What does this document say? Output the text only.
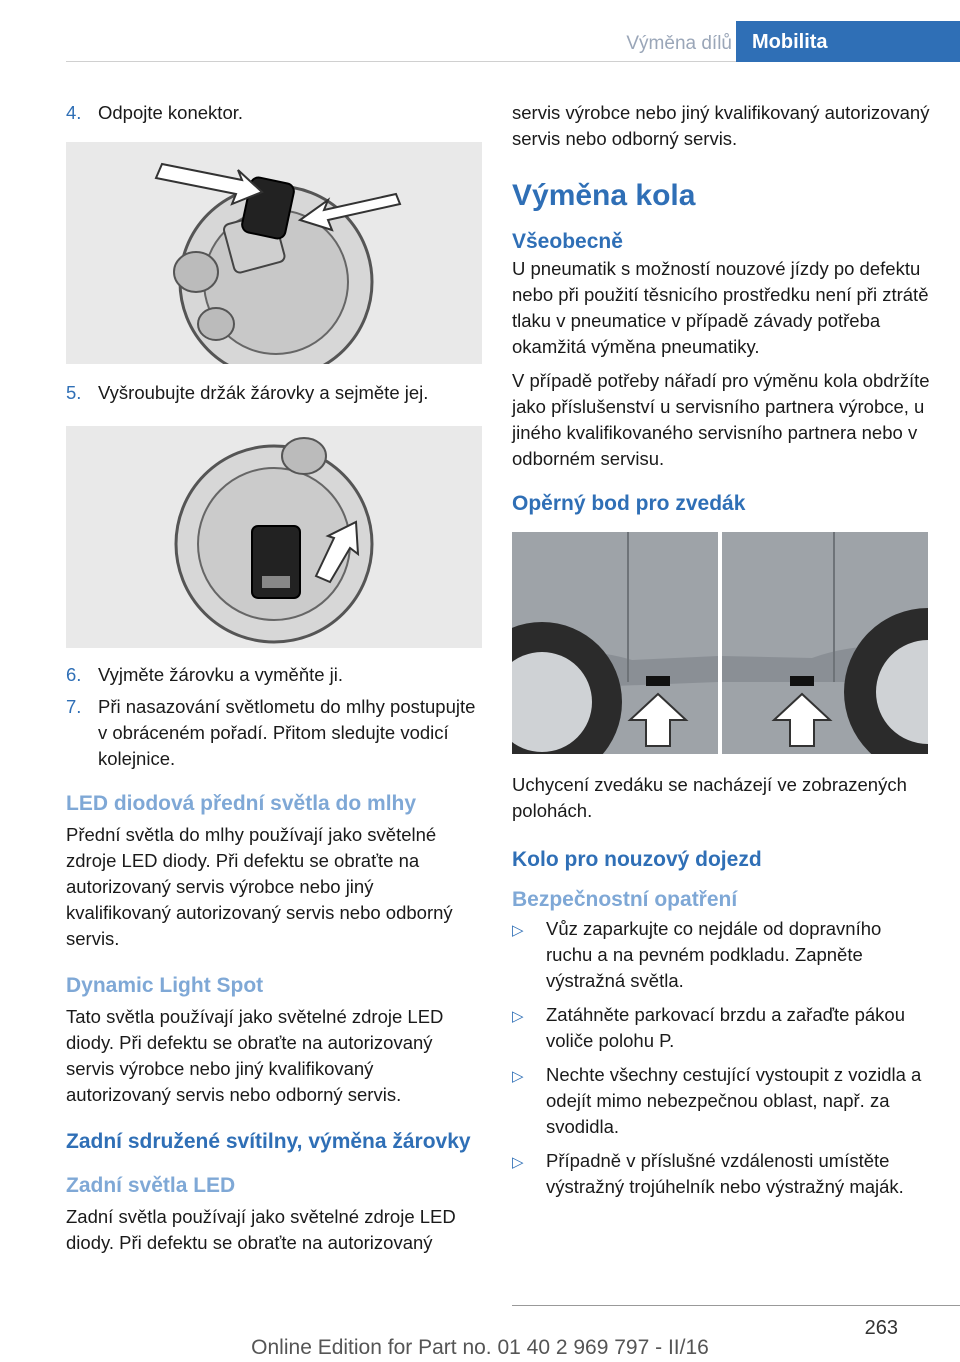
Výměna dílů	Mobilita
4. Odpojte konektor.
5. Vyšroubujte držák žárovky a sejměte jej.
6. Vyjměte žárovku a vyměňte ji.
7. Při nasazování světlometu do mlhy postupujte v obráceném pořadí. Přitom sledujte vodicí kolejnice.
LED diodová přední světla do mlhy

Přední světla do mlhy používají jako světelné zdroje LED diody. Při defektu se obraťte na autorizovaný servis výrobce nebo jiný kvalifikovaný autorizovaný servis nebo odborný servis.

Dynamic Light Spot

Tato světla používají jako světelné zdroje LED diody. Při defektu se obraťte na autorizovaný servis výrobce nebo jiný kvalifikovaný autorizovaný servis nebo odborný servis.

Zadní sdružené svítilny, výměna žárovky
Zadní světla LED

Zadní světla používají jako světelné zdroje LED diody. Při defektu se obraťte na autorizovaný

servis výrobce nebo jiný kvalifikovaný autorizovaný servis nebo odborný servis.

Výměna kola
Všeobecně

U pneumatik s možností nouzové jízdy po defektu nebo při použití těsnicího prostředku není při ztrátě tlaku v pneumatice v případě závady potřeba okamžitá výměna pneumatiky.

V případě potřeby nářadí pro výměnu kola obdržíte jako příslušenství u servisního partnera výrobce, u jiného kvalifikovaného servisního partnera nebo v odborném servisu.

Opěrný bod pro zvedák

Uchycení zvedáku se nacházejí ve zobrazených polohách.

Kolo pro nouzový dojezd
Bezpečnostní opatření
▷ Vůz zaparkujte co nejdále od dopravního ruchu a na pevném podkladu. Zapněte výstražná světla.
▷ Zatáhněte parkovací brzdu a zařaďte pákou voliče polohu P.
▷ Nechte všechny cestující vystoupit z vozidla a odejít mimo nebezpečnou oblast, např. za svodidla.
▷ Případně v příslušné vzdálenosti umístěte výstražný trojúhelník nebo výstražný maják.
263
Online Edition for Part no. 01 40 2 969 797 - II/16
